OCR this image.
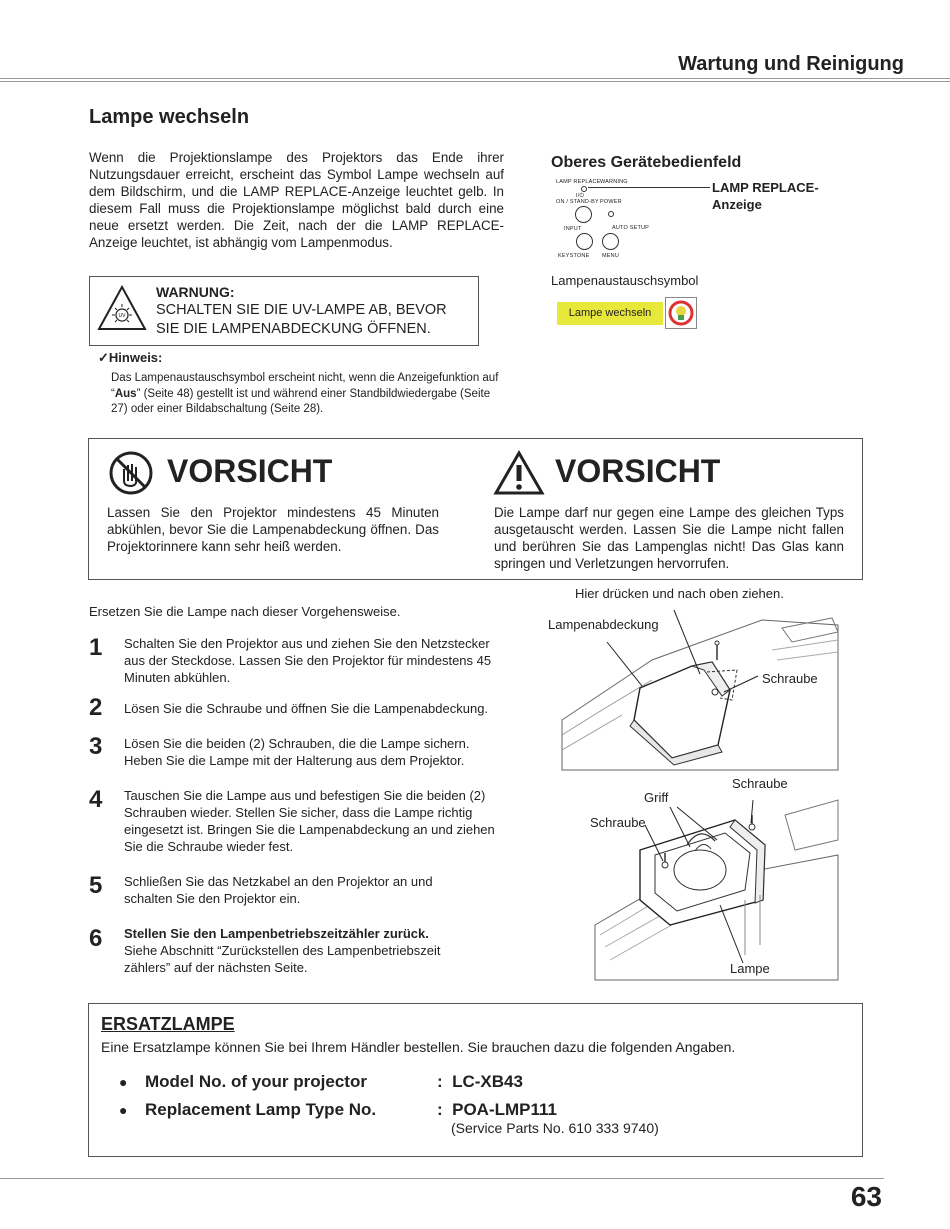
Wartung und Reinigung
Lampe wechseln

Wenn die Projektionslampe des Projektors das Ende ihrer Nutzungsdauer erreicht, erscheint das Symbol Lampe wechseln auf dem Bildschirm, und die LAMP REPLACE-Anzeige leuchtet gelb. In diesem Fall muss die Projektionslampe möglichst bald durch eine neue ersetzt werden. Die Zeit, nach der die LAMP REPLACE-Anzeige leuchtet, ist abhängig vom Lampenmodus.

UV
WARNUNG:
SCHALTEN SIE DIE UV-LAMPE AB, BEVOR
SIE DIE LAMPENABDECKUNG ÖFFNEN.
✓Hinweis:

Das Lampenaustauschsymbol erscheint nicht, wenn die Anzeigefunktion auf “Aus” (Seite 48) gestellt ist und während einer Standbildwiedergabe (Seite 27) oder einer Bildabschaltung (Seite 28).

Oberes Gerätebedienfeld
LAMP REPLACE WARNING
I/⏻
ON / STAND-BY POWER
INPUT	AUTO SETUP
KEYSTONE MENU
LAMP REPLACE-
Anzeige
Lampenaustauschsymbol
Lampe wechseln
VORSICHT

Lassen Sie den Projektor mindestens 45 Minuten abkühlen, bevor Sie die Lampenabdeckung öffnen. Das Projektorinnere kann sehr heiß werden.

VORSICHT

Die Lampe darf nur gegen eine Lampe des gleichen Typs ausgetauscht werden. Lassen Sie die Lampe nicht fallen und berühren Sie das Lampenglas nicht! Das Glas kann springen und Verletzungen hervorrufen.

Ersetzen Sie die Lampe nach dieser Vorgehensweise.
1 Schalten Sie den Projektor aus und ziehen Sie den Netzstecker aus der Steckdose. Lassen Sie den Projektor für mindestens 45 Minuten abkühlen.
2 Lösen Sie die Schraube und öffnen Sie die Lampenabdeckung.
3 Lösen Sie die beiden (2) Schrauben, die die Lampe sichern. Heben Sie die Lampe mit der Halterung aus dem Projektor.
4 Tauschen Sie die Lampe aus und befestigen Sie die beiden (2) Schrauben wieder. Stellen Sie sicher, dass die Lampe richtig eingesetzt ist. Bringen Sie die Lampenabdeckung an und ziehen Sie die Schraube wieder fest.
5 Schließen Sie das Netzkabel an den Projektor an und schalten Sie den Projektor ein.
6 Stellen Sie den Lampenbetriebszeitzähler zurück.
Siehe Abschnitt “Zurückstellen des Lampenbetriebszeit zählers” auf der nächsten Seite.
Hier drücken und nach oben ziehen.
Lampenabdeckung
Schraube
Schraube
Griff
Schraube
Lampe
ERSATZLAMPE
Eine Ersatzlampe können Sie bei Ihrem Händler bestellen. Sie brauchen dazu die folgenden Angaben.
● Model No. of your projector	:  LC-XB43
● Replacement Lamp Type No.	:  POA-LMP111
(Service Parts No. 610 333 9740)
63
